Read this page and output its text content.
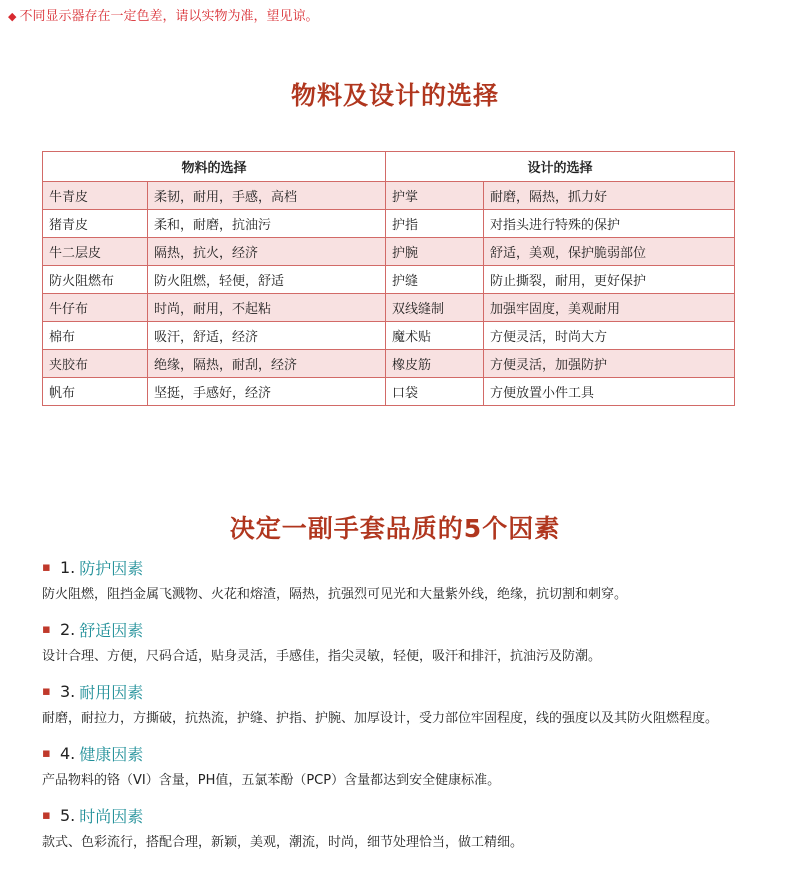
◆ 不同显示器存在一定色差，请以实物为准，望见谅。
物料及设计的选择
物料的选择		设计的选择	
牛青皮	柔韧，耐用，手感，高档	护掌	耐磨，隔热，抓力好
猪青皮	柔和，耐磨，抗油污	护指	对指头进行特殊的保护
牛二层皮	隔热，抗火，经济	护腕	舒适，美观，保护脆弱部位
防火阻燃布	防火阻燃，轻便，舒适	护缝	防止撕裂，耐用，更好保护
牛仔布	时尚，耐用，不起粘	双线缝制	加强牢固度，美观耐用
棉布	吸汗，舒适，经济	魔术贴	方便灵活，时尚大方
夹胶布	绝缘，隔热，耐刮，经济	橡皮筋	方便灵活，加强防护
帆布	坚挺，手感好，经济	口袋	方便放置小件工具
决定一副手套品质的5个因素
▪ 1. 防护因素
防火阻燃，阻挡金属飞溅物、火花和熔渣，隔热，抗强烈可见光和大量紫外线，绝缘，抗切割和刺穿。
▪ 2. 舒适因素
设计合理、方便，尺码合适，贴身灵活，手感佳，指尖灵敏，轻便，吸汗和排汗，抗油污及防潮。
▪ 3. 耐用因素
耐磨，耐拉力，方撕破，抗热流，护缝、护指、护腕、加厚设计，受力部位牢固程度，线的强度以及其防火阻燃程度。
▪ 4. 健康因素
产品物料的铬（VI）含量，PH值，五氯苯酚（PCP）含量都达到安全健康标准。
▪ 5. 时尚因素
款式、色彩流行，搭配合理，新颖，美观，潮流，时尚，细节处理恰当，做工精细。
